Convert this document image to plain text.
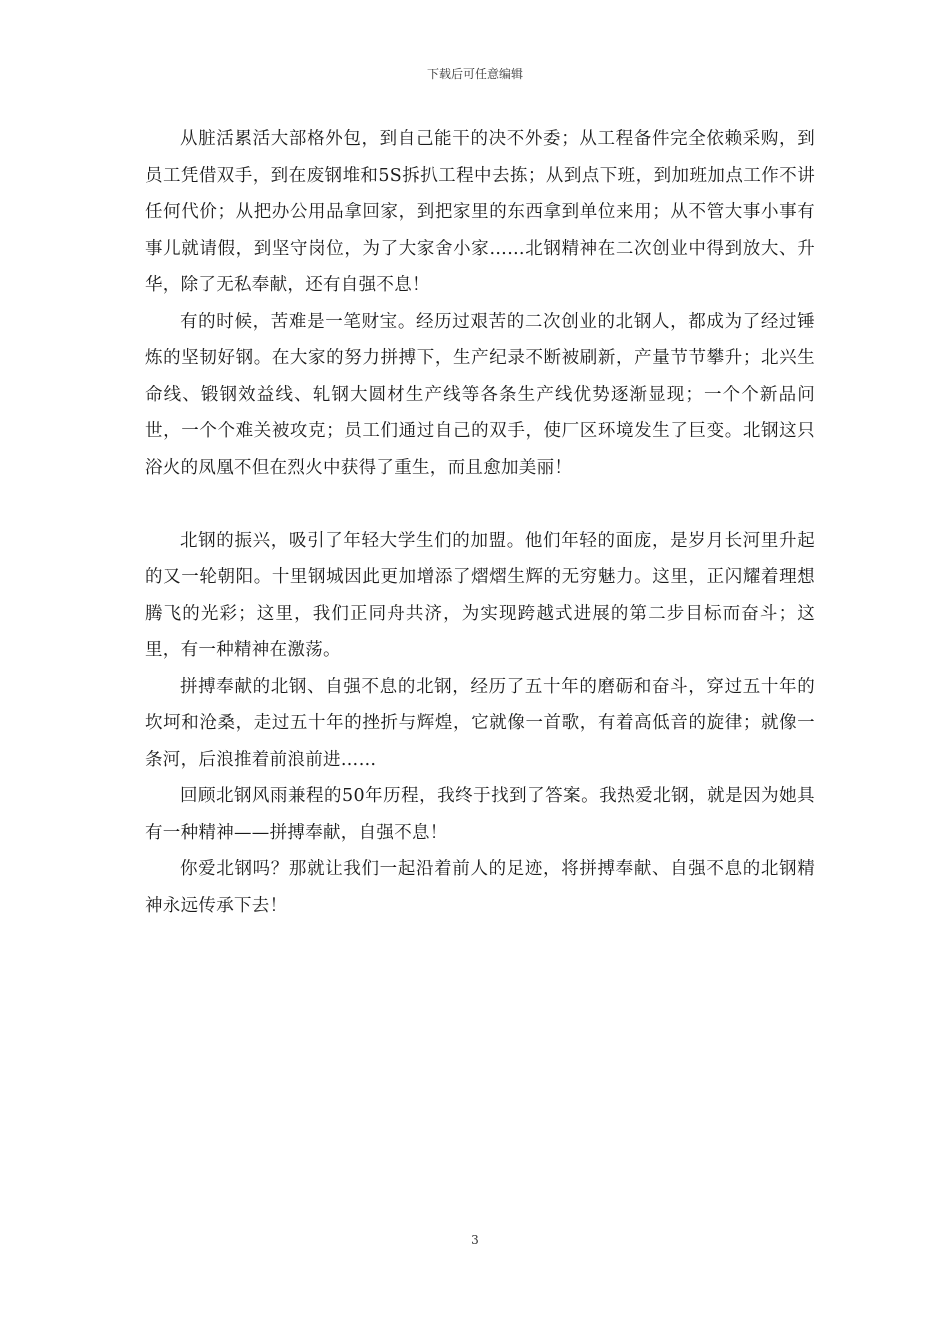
下载后可任意编辑

从脏活累活大部格外包，到自己能干的决不外委；从工程备件完全依赖采购，到员工凭借双手，到在废钢堆和5S拆扒工程中去拣；从到点下班，到加班加点工作不讲任何代价；从把办公用品拿回家，到把家里的东西拿到单位来用；从不管大事小事有事儿就请假，到坚守岗位，为了大家舍小家……北钢精神在二次创业中得到放大、升华，除了无私奉献，还有自强不息！

有的时候，苦难是一笔财宝。经历过艰苦的二次创业的北钢人，都成为了经过锤炼的坚韧好钢。在大家的努力拼搏下，生产纪录不断被刷新，产量节节攀升；北兴生命线、锻钢效益线、轧钢大圆材生产线等各条生产线优势逐渐显现；一个个新品问世，一个个难关被攻克；员工们通过自己的双手，使厂区环境发生了巨变。北钢这只浴火的凤凰不但在烈火中获得了重生，而且愈加美丽！

北钢的振兴，吸引了年轻大学生们的加盟。他们年轻的面庞，是岁月长河里升起的又一轮朝阳。十里钢城因此更加增添了熠熠生辉的无穷魅力。这里，正闪耀着理想腾飞的光彩；这里，我们正同舟共济，为实现跨越式进展的第二步目标而奋斗；这里，有一种精神在激荡。

拼搏奉献的北钢、自强不息的北钢，经历了五十年的磨砺和奋斗，穿过五十年的坎坷和沧桑，走过五十年的挫折与辉煌，它就像一首歌，有着高低音的旋律；就像一条河，后浪推着前浪前进……

回顾北钢风雨兼程的50年历程，我终于找到了答案。我热爱北钢，就是因为她具有一种精神——拼搏奉献，自强不息！

你爱北钢吗？那就让我们一起沿着前人的足迹，将拼搏奉献、自强不息的北钢精神永远传承下去！

3
